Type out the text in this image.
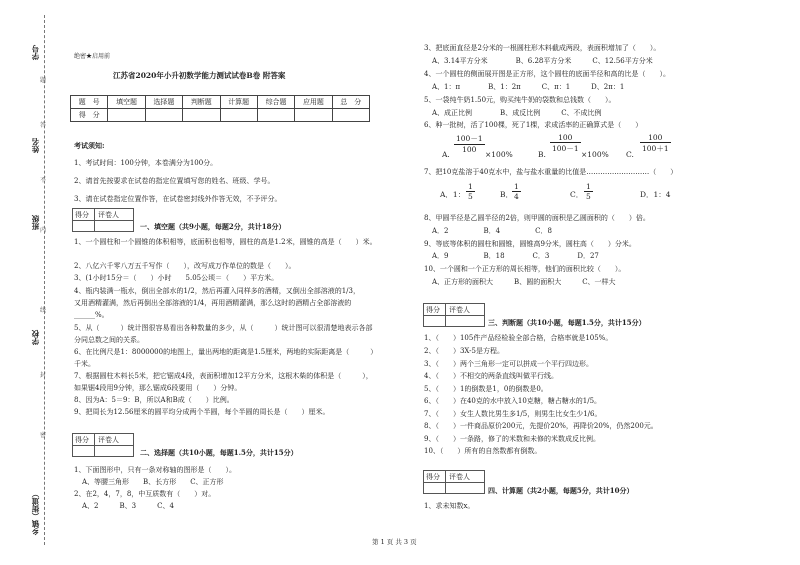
学号
姓名
班级
学校
乡镇（街道）
题
答
不
内
线
封
密
绝密★启用前
江苏省2020年小升初数学能力测试试卷B卷 附答案
题　号	填空题	选择题	判断题	计算题	综合题	应用题	总　分
得　分							
考试须知:
1、考试时间：100分钟，本卷满分为100分。
2、请首先按要求在试卷的指定位置填写您的姓名、班级、学号。
3、请在试卷指定位置作答，在试卷密封线外作答无效，不予评分。
得分 评卷人
一、填空题（共9小题，每题2分，共计18分）
1、一个圆柱和一个圆锥的体积相等，底面积也相等，圆柱的高是1.2米，圆锥的高是（　　）米。
2、八亿六千零八万五千写作（　　），改写成万作单位的数是（　　）。
3、(1小时15分＝（　　）小时　　5.05公顷＝（　　）平方米。
4、瓶内装满一瓶水，倒出全部水的1/2，然后再灌入同样多的酒精，又倒出全部溶液的1/3，
又用酒精灌满，然后再倒出全部溶液的1/4，再用酒精灌满，那么这时的酒精占全部溶液的
______%。
5、从（　　　）统计图很容易看出各种数量的多少，从（　　　）统计图可以很清楚地表示各部
分同总数之间的关系。
6、在比例尺是1：8000000的地图上，量出两地的距离是1.5厘米，两地的实际距离是（　　　）
千米。
7、根据圆柱木料长5米，把它锯成4段，表面积增加12平方分米，这根木柴的体积是（　　　），
如果锯4段用9分钟，那么锯成6段要用（　　）分钟。
8、因为A：5＝9：B，所以A和B成（　　）比例。
9、把周长为12.56厘米的圆平均分成两个半圆，每个半圆的周长是（　　）厘米。
得分 评卷人
二、选择题（共10小题，每题1.5分，共计15分）
1、下面图形中，只有一条对称轴的图形是（　　）。
A、等腰三角形　　B、长方形　　C、正方形
2、在2，4，7，8，中互质数有（　　）对。
A、2　　　B、3　　　C、4
3、把底面直径是2分米的一根圆柱形木料截成两段，表面积增加了（　　）。
A、3.14平方分米　　　　B、6.28平方分米　　　C、12.56平方分米
4、一个圆柱的侧面展开图是正方形，这个圆柱的底面半径和高的比是（　　）。
A、1：π　　　　B、1：2π　　　C、π：1　　　D、2π：1
5、一袋纯牛奶1.50元，购买纯牛奶的袋数和总钱数（　　）。
A、成正比例　　　　B、成反比例　　　C、不成比例
6、种一批树，活了100棵，死了1棵，求成活率的正确算式是（　　）
A.
$\frac{100-1}{100}$
×100%	B.
$\frac{100}{100-1}$
×100% C.
$\frac{100}{100+1}$
7、把10克盐溶于40克水中，盐与盐水重量的比值是………………………（　　）
A．1： $\frac{1}{5}$	B．
$\frac{1}{4}$	C． $\frac{1}{5}$	D．1：4
8、甲圆半径是乙圆半径的2倍，则甲圆的面积是乙圆面积的（　　）倍。
A．2　　　　　B．4　　　　　C．8
9、等底等体积的圆柱和圆锥，圆锥高9分米，圆柱高（　　）分米。
A．9　　　　　B．18　　　　C．3　　　　D．27
10、一个圆和一个正方形的周长相等，他们的面积比较（　　）。
A、正方形的面积大　　　B、圆的面积大　　　C、一样大
得分 评卷人
三、判断题（共10小题，每题1.5分，共计15分）
1、（　　）105件产品经检验全部合格，合格率就是105%。
2、（　　）3X-5是方程。
3、（　　）两个三角形一定可以拼成一个平行四边形。
4、（　　）不相交的两条直线叫做平行线。
5、（　　）1的倒数是1，0的倒数是0。
6、（　　）在40克的水中放入10克糖，糖占糖水的1/5。
7、（　　）女生人数比男生多1/5，则男生比女生少1/6。
8、（　　）一件商品原价200元，先提价20%，再降价20%，仍然200元。
9、（　　）一条路，修了的米数和未修的米数成反比例。
10、（　　）所有的自然数都有倒数。
得分 评卷人
四、计算题（共2小题，每题5分，共计10分）
1、求未知数x。
第 1 页 共 3 页
